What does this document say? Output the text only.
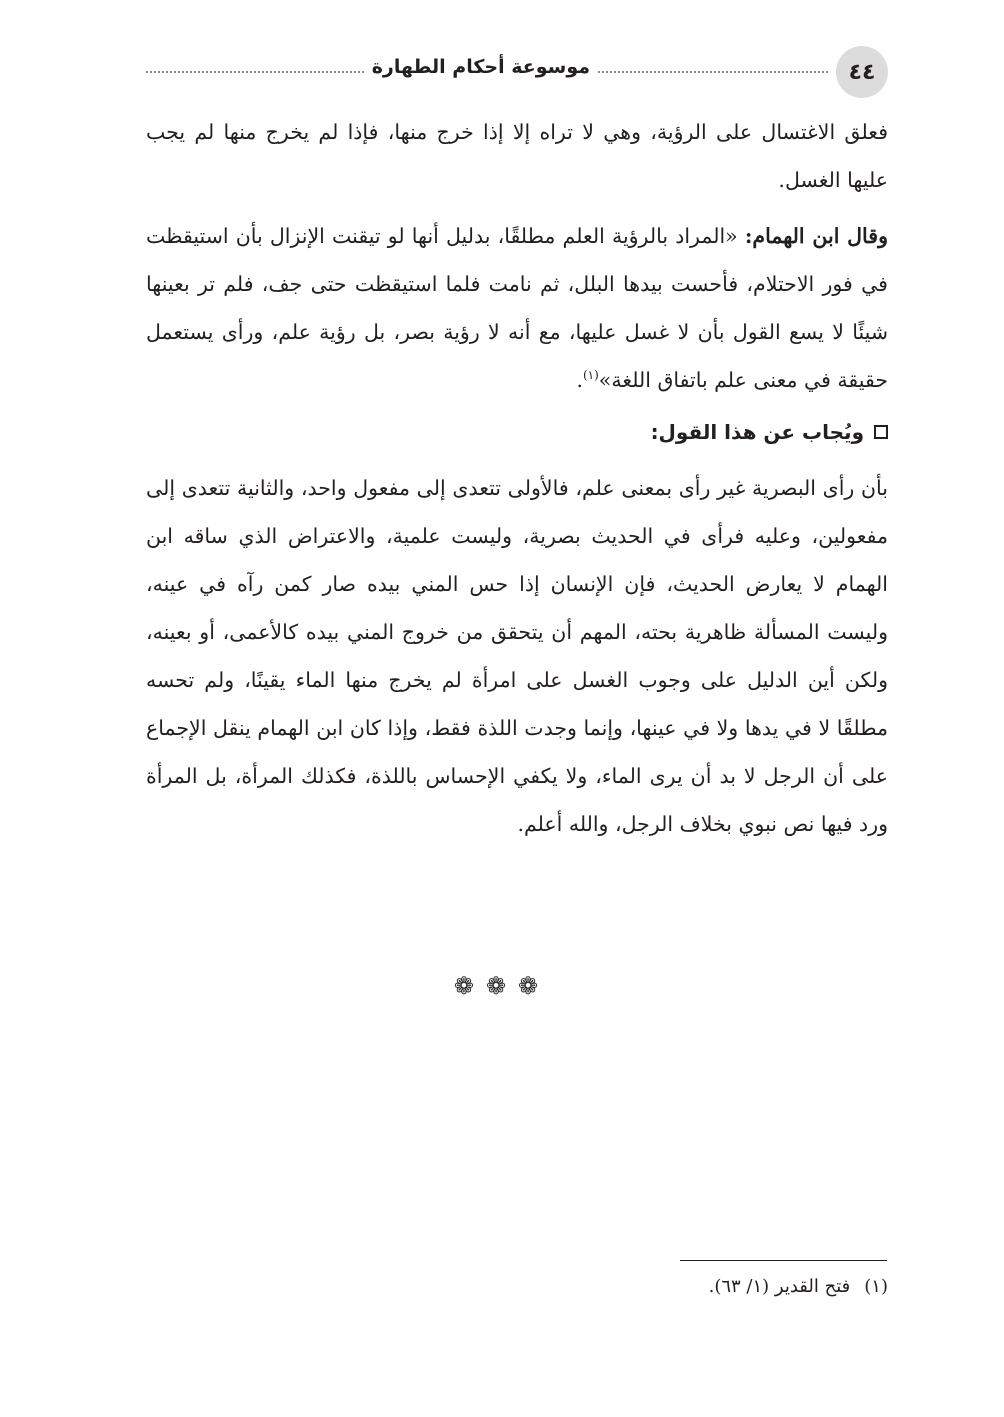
موسوعة أحكام الطهارة	٤٤

فعلق الاغتسال على الرؤية، وهي لا تراه إلا إذا خرج منها، فإذا لم يخرج منها لم يجب عليها الغسل.

وقال ابن الهمام: «المراد بالرؤية العلم مطلقًا، بدليل أنها لو تيقنت الإنزال بأن استيقظت في فور الاحتلام، فأحست بيدها البلل، ثم نامت فلما استيقظت حتى جف، فلم تر بعينها شيئًا لا يسع القول بأن لا غسل عليها، مع أنه لا رؤية بصر، بل رؤية علم، ورأى يستعمل حقيقة في معنى علم باتفاق اللغة»$^{(١)}$.

ويُجاب عن هذا القول:

بأن رأى البصرية غير رأى بمعنى علم، فالأولى تتعدى إلى مفعول واحد، والثانية تتعدى إلى مفعولين، وعليه فرأى في الحديث بصرية، وليست علمية، والاعتراض الذي ساقه ابن الهمام لا يعارض الحديث، فإن الإنسان إذا حس المني بيده صار كمن رآه في عينه، وليست المسألة ظاهرية بحته، المهم أن يتحقق من خروج المني بيده كالأعمى، أو بعينه، ولكن أين الدليل على وجوب الغسل على امرأة لم يخرج منها الماء يقينًا، ولم تحسه مطلقًا لا في يدها ولا في عينها، وإنما وجدت اللذة فقط، وإذا كان ابن الهمام ينقل الإجماع على أن الرجل لا بد أن يرى الماء، ولا يكفي الإحساس باللذة، فكذلك المرأة، بل المرأة ورد فيها نص نبوي بخلاف الرجل، والله أعلم.

❁❁❁
(١)فتح القدير (١/ ٦٣).
